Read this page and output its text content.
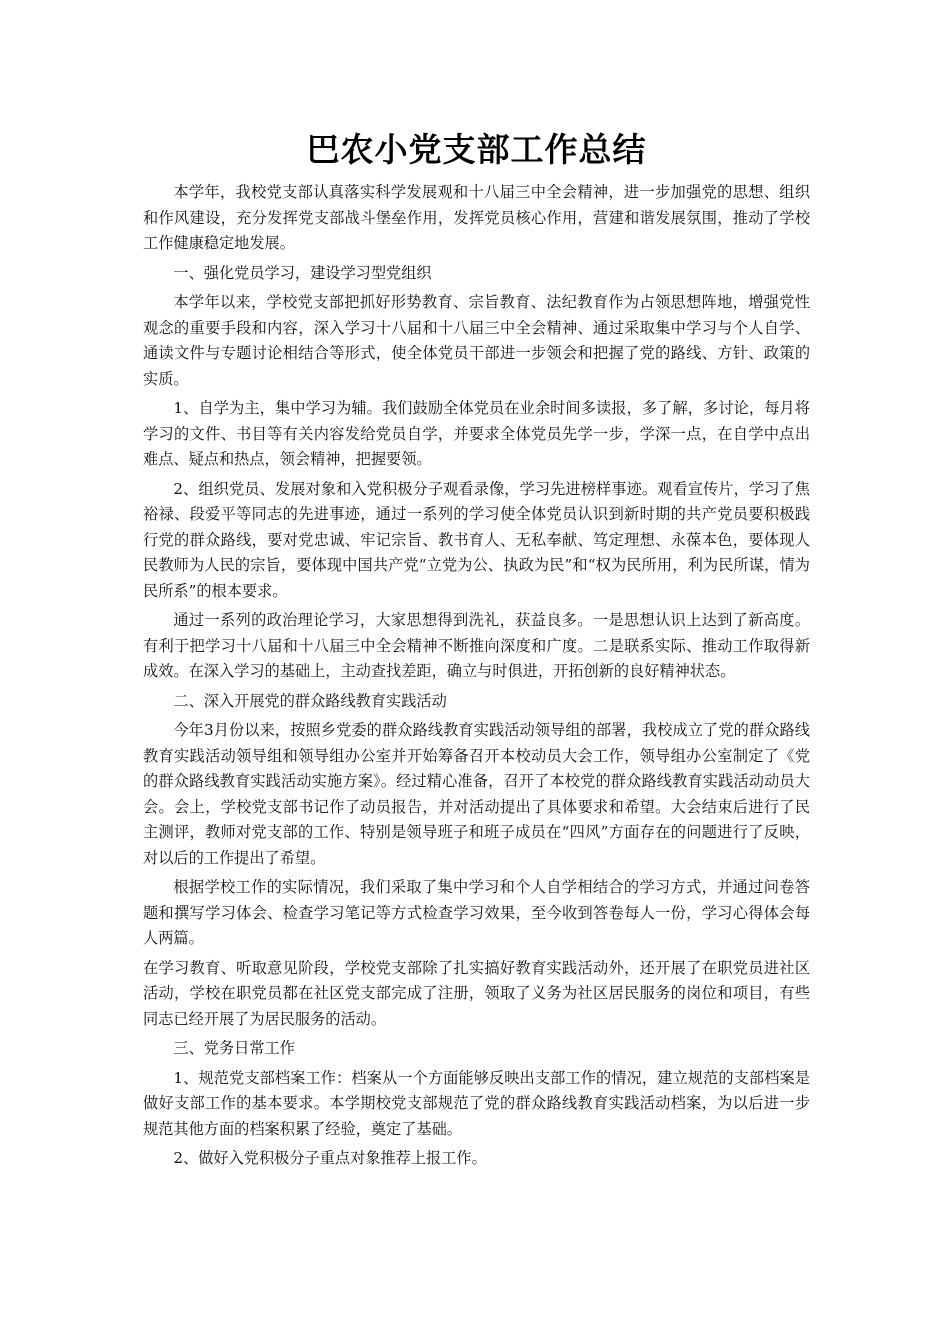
巴农小党支部工作总结

本学年，我校党支部认真落实科学发展观和十八届三中全会精神，进一步加强党的思想、组织和作风建设，充分发挥党支部战斗堡垒作用，发挥党员核心作用，营建和谐发展氛围，推动了学校工作健康稳定地发展。

一、强化党员学习，建设学习型党组织

本学年以来，学校党支部把抓好形势教育、宗旨教育、法纪教育作为占领思想阵地，增强党性观念的重要手段和内容，深入学习十八届和十八届三中全会精神、通过采取集中学习与个人自学、通读文件与专题讨论相结合等形式，使全体党员干部进一步领会和把握了党的路线、方针、政策的实质。

1、自学为主，集中学习为辅。我们鼓励全体党员在业余时间多读报，多了解，多讨论，每月将学习的文件、书目等有关内容发给党员自学，并要求全体党员先学一步，学深一点，在自学中点出难点、疑点和热点，领会精神，把握要领。

2、组织党员、发展对象和入党积极分子观看录像，学习先进榜样事迹。观看宣传片，学习了焦裕禄、段爱平等同志的先进事迹，通过一系列的学习使全体党员认识到新时期的共产党员要积极践行党的群众路线，要对党忠诚、牢记宗旨、教书育人、无私奉献、笃定理想、永葆本色，要体现人民教师为人民的宗旨，要体现中国共产党“立党为公、执政为民”和“权为民所用，利为民所谋，情为民所系”的根本要求。

通过一系列的政治理论学习，大家思想得到洗礼，获益良多。一是思想认识上达到了新高度。有利于把学习十八届和十八届三中全会精神不断推向深度和广度。二是联系实际、推动工作取得新成效。在深入学习的基础上，主动查找差距，确立与时俱进，开拓创新的良好精神状态。

二、深入开展党的群众路线教育实践活动

今年3月份以来，按照乡党委的群众路线教育实践活动领导组的部署，我校成立了党的群众路线教育实践活动领导组和领导组办公室并开始筹备召开本校动员大会工作，领导组办公室制定了《党的群众路线教育实践活动实施方案》。经过精心准备，召开了本校党的群众路线教育实践活动动员大会。会上，学校党支部书记作了动员报告，并对活动提出了具体要求和希望。大会结束后进行了民主测评，教师对党支部的工作、特别是领导班子和班子成员在“四风”方面存在的问题进行了反映，对以后的工作提出了希望。

根据学校工作的实际情况，我们采取了集中学习和个人自学相结合的学习方式，并通过问卷答题和撰写学习体会、检查学习笔记等方式检查学习效果，至今收到答卷每人一份，学习心得体会每人两篇。

在学习教育、听取意见阶段，学校党支部除了扎实搞好教育实践活动外，还开展了在职党员进社区活动，学校在职党员都在社区党支部完成了注册，领取了义务为社区居民服务的岗位和项目，有些同志已经开展了为居民服务的活动。

三、党务日常工作

1、规范党支部档案工作：档案从一个方面能够反映出支部工作的情况，建立规范的支部档案是做好支部工作的基本要求。本学期校党支部规范了党的群众路线教育实践活动档案，为以后进一步规范其他方面的档案积累了经验，奠定了基础。

2、做好入党积极分子重点对象推荐上报工作。
